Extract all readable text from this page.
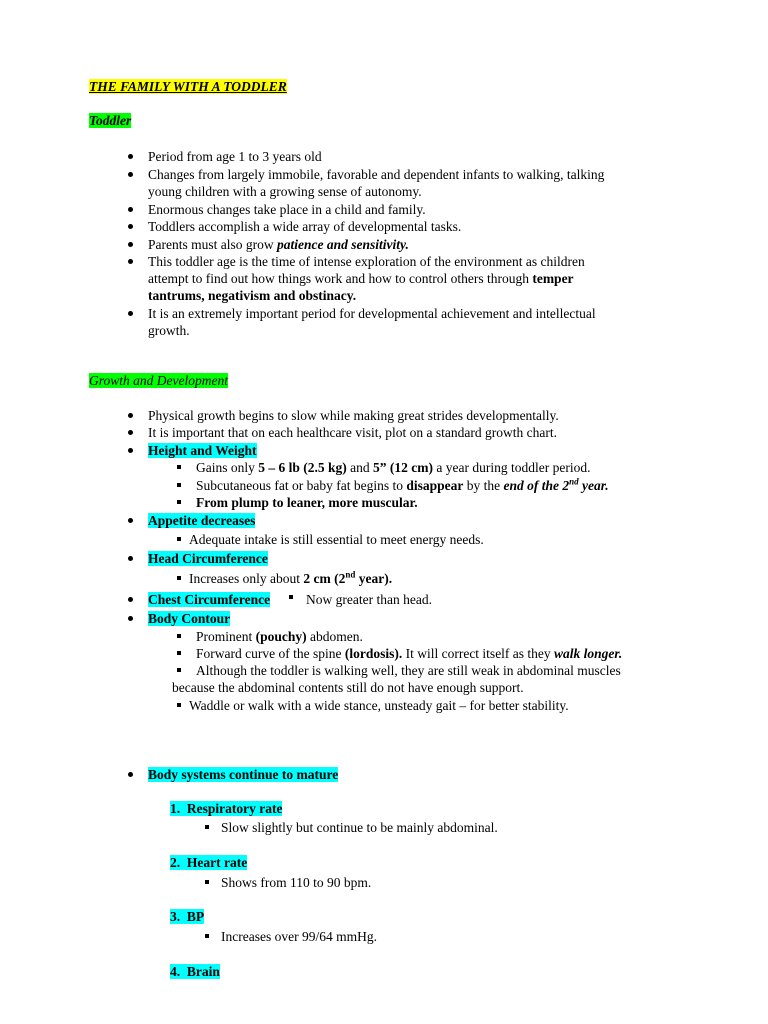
THE FAMILY WITH A TODDLER
Toddler
Period from age 1 to 3 years old
Changes from largely immobile, favorable and dependent infants to walking, talking
young children with a growing sense of autonomy.
Enormous changes take place in a child and family.
Toddlers accomplish a wide array of developmental tasks.
Parents must also grow patience and sensitivity.
This toddler age is the time of intense exploration of the environment as children
attempt to find out how things work and how to control others through temper
tantrums, negativism and obstinacy.
It is an extremely important period for developmental achievement and intellectual
growth.
Growth and Development
Physical growth begins to slow while making great strides developmentally.
It is important that on each healthcare visit, plot on a standard growth chart.
Height and Weight
Gains only 5 – 6 lb (2.5 kg) and 5” (12 cm) a year during toddler period.
Subcutaneous fat or baby fat begins to disappear by the end of the 2nd year.
From plump to leaner, more muscular.
Appetite decreases
Adequate intake is still essential to meet energy needs.
Head Circumference
Increases only about 2 cm (2nd year).
Chest Circumference	Now greater than head.
Body Contour
Prominent (pouchy) abdomen.
Forward curve of the spine (lordosis). It will correct itself as they walk longer.
Although the toddler is walking well, they are still weak in abdominal muscles
because the abdominal contents still do not have enough support.
Waddle or walk with a wide stance, unsteady gait – for better stability.
Body systems continue to mature
1. Respiratory rate
Slow slightly but continue to be mainly abdominal.
2. Heart rate
Shows from 110 to 90 bpm.
3. BP
Increases over 99/64 mmHg.
4. Brain
